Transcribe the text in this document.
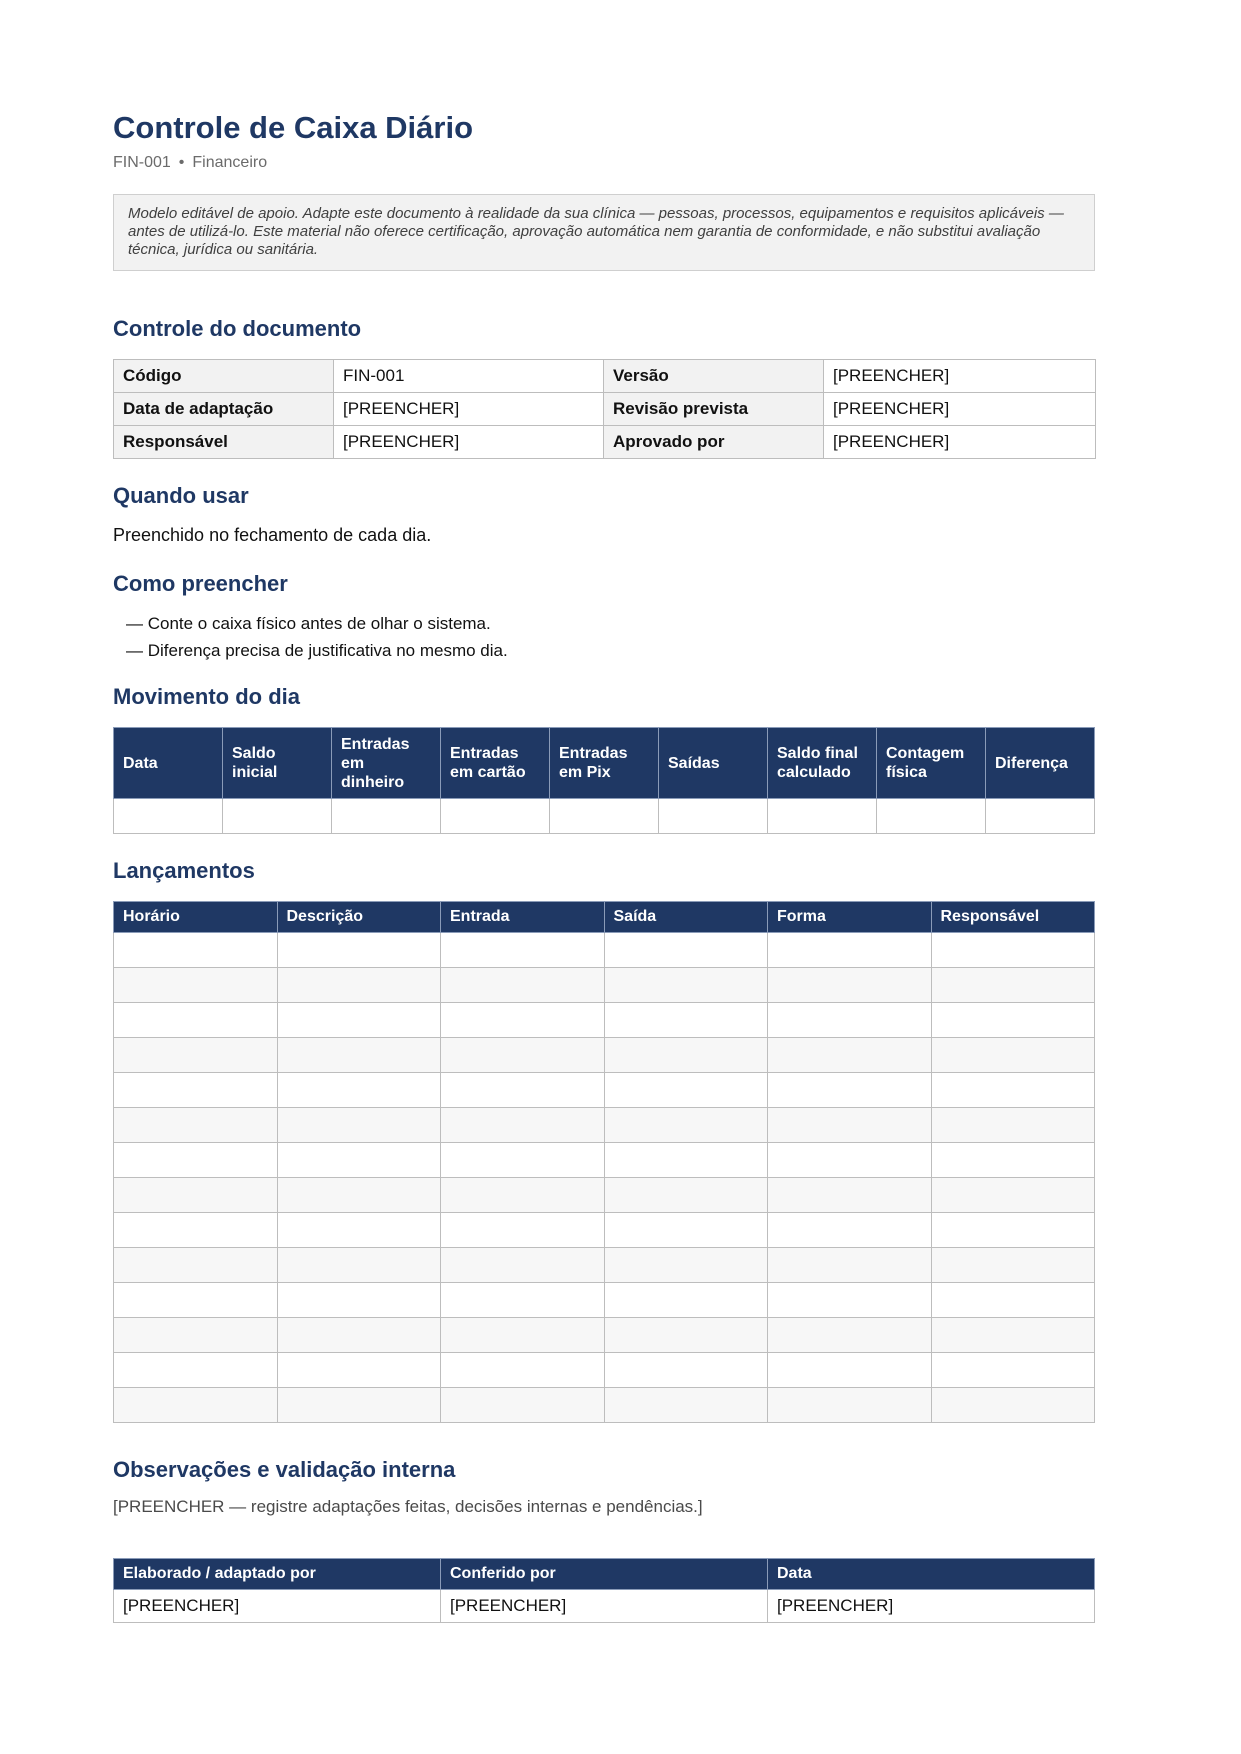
Controle de Caixa Diário
FIN-001 • Financeiro
Modelo editável de apoio. Adapte este documento à realidade da sua clínica — pessoas, processos, equipamentos e requisitos aplicáveis — antes de utilizá-lo. Este material não oferece certificação, aprovação automática nem garantia de conformidade, e não substitui avaliação técnica, jurídica ou sanitária.
Controle do documento
Código	FIN-001	Versão	[PREENCHER]
Data de adaptação	[PREENCHER]	Revisão prevista	[PREENCHER]
Responsável	[PREENCHER]	Aprovado por	[PREENCHER]
Quando usar
Preenchido no fechamento de cada dia.
Como preencher
— Conte o caixa físico antes de olhar o sistema.
— Diferença precisa de justificativa no mesmo dia.
Movimento do dia
Data	Saldo inicial	Entradas em dinheiro	Entradas em cartão	Entradas em Pix	Saídas	Saldo final calculado	Contagem física	Diferença

Lançamentos
Horário	Descrição	Entrada	Saída	Forma	Responsável

Observações e validação interna
[PREENCHER — registre adaptações feitas, decisões internas e pendências.]
Elaborado / adaptado por	Conferido por	Data
[PREENCHER]	[PREENCHER]	[PREENCHER]
